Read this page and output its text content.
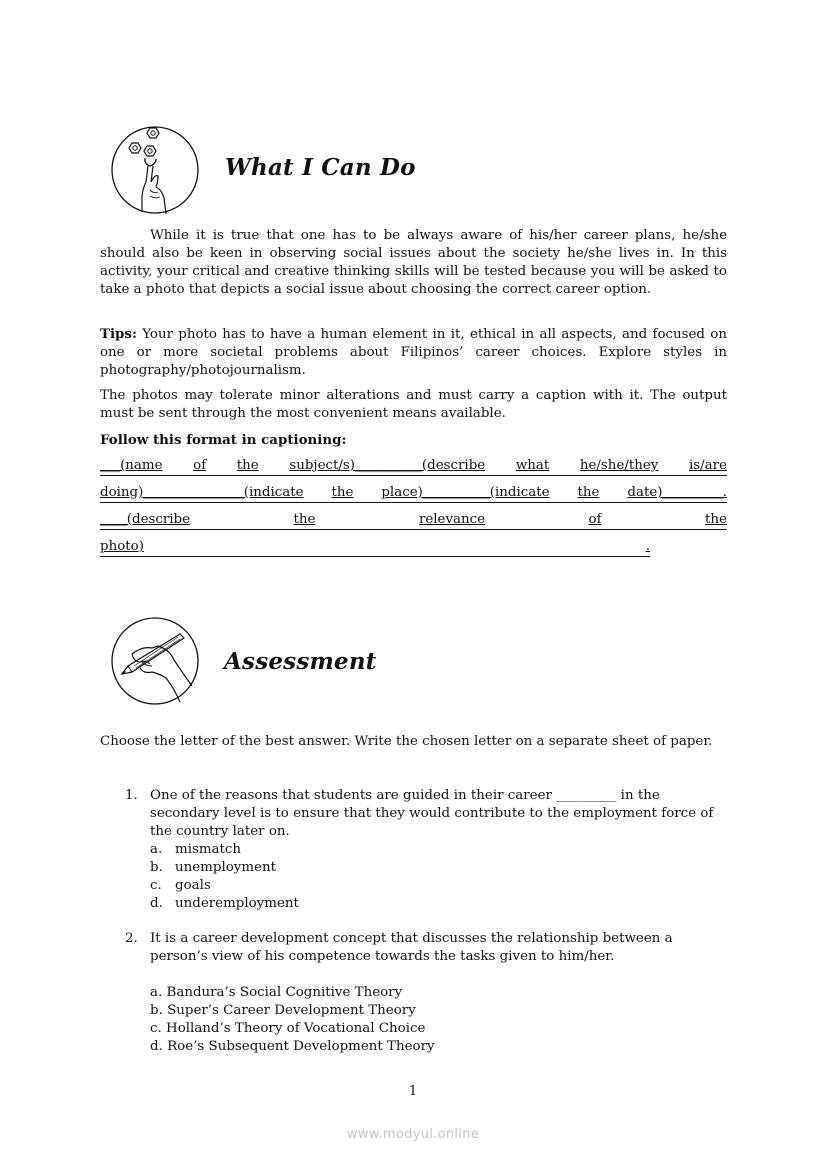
What I Can Do

While it is true that one has to be always aware of his/her career plans, he/she should also be keen in observing social issues about the society he/she lives in. In this activity, your critical and creative thinking skills will be tested because you will be asked to take a photo that depicts a social issue about choosing the correct career option.

Tips: Your photo has to have a human element in it, ethical in all aspects, and focused on one or more societal problems about Filipinos’ career choices. Explore styles in photography/photojournalism.

The photos may tolerate minor alterations and must carry a caption with it. The output must be sent through the most convenient means available.

Follow this format in captioning:
___(name of the subject/s)__________(describe what he/she/they is/are
doing)_______________(indicate the place)__________(indicate the date)_________.
____(describe	the	relevance	of	the
photo)	.
Assessment
Choose the letter of the best answer. Write the chosen letter on a separate sheet of paper.
1. One of the reasons that students are guided in their career _________ in the secondary level is to ensure that they would contribute to the employment force of the country later on.
a. mismatch
b. unemployment
c. goals
d. underemployment
2. It is a career development concept that discusses the relationship between a person’s view of his competence towards the tasks given to him/her.
a. Bandura’s Social Cognitive Theory
b. Super’s Career Development Theory
c. Holland’s Theory of Vocational Choice
d. Roe’s Subsequent Development Theory
1
www.modyul.online
